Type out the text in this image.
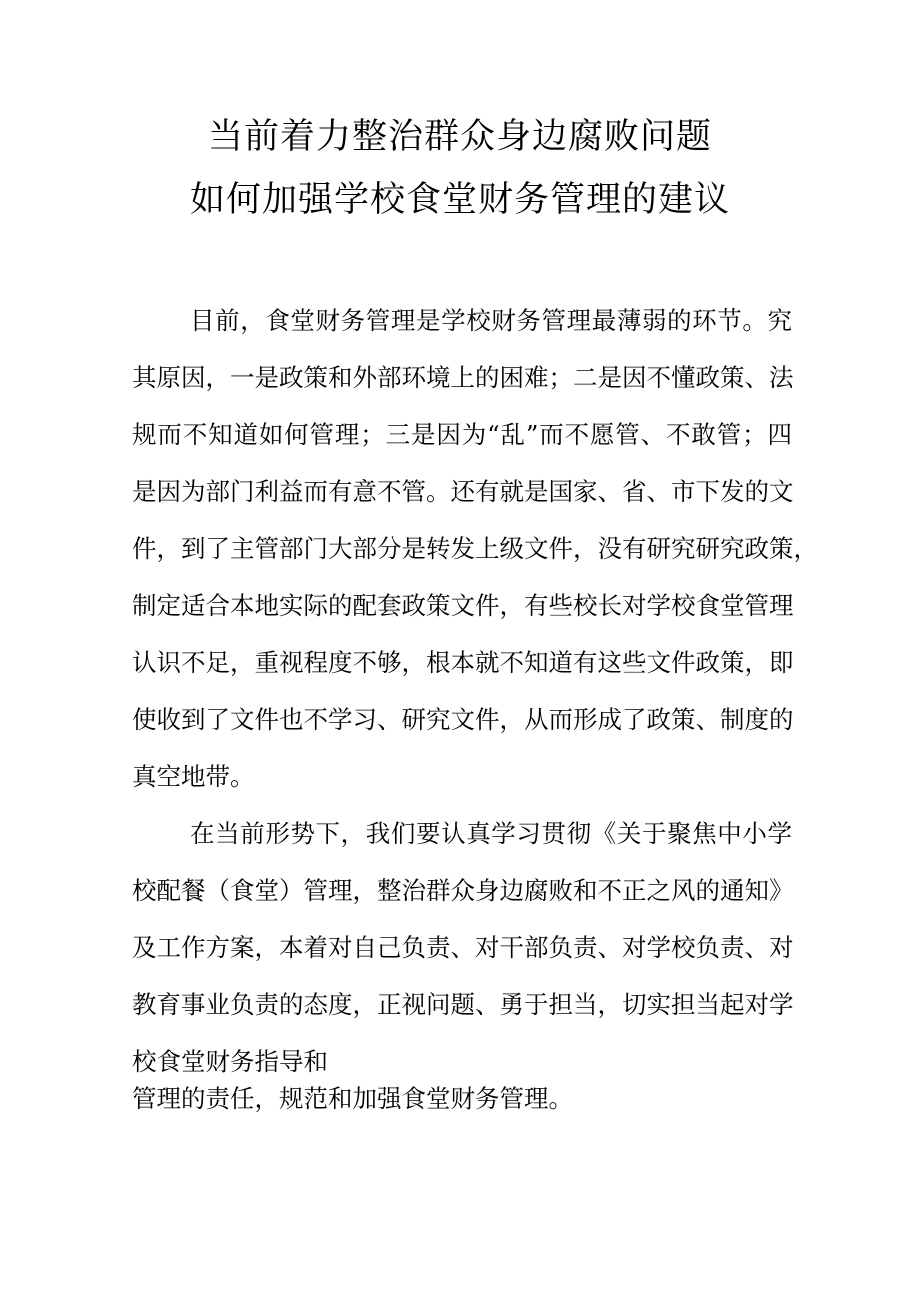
当前着力整治群众身边腐败问题
如何加强学校食堂财务管理的建议
目前，食堂财务管理是学校财务管理最薄弱的环节。究
其原因，一是政策和外部环境上的困难；二是因不懂政策、法
规而不知道如何管理；三是因为“乱”而不愿管、不敢管；四
是因为部门利益而有意不管。还有就是国家、省、市下发的文
件，到了主管部门大部分是转发上级文件，没有研究研究政策，
制定适合本地实际的配套政策文件，有些校长对学校食堂管理
认识不足，重视程度不够，根本就不知道有这些文件政策，即
使收到了文件也不学习、研究文件，从而形成了政策、制度的
真空地带。
在当前形势下，我们要认真学习贯彻《关于聚焦中小学
校配餐（食堂）管理，整治群众身边腐败和不正之风的通知》
及工作方案，本着对自己负责、对干部负责、对学校负责、对
教育事业负责的态度，正视问题、勇于担当，切实担当起对学
校食堂财务指导和
管理的责任，规范和加强食堂财务管理。
